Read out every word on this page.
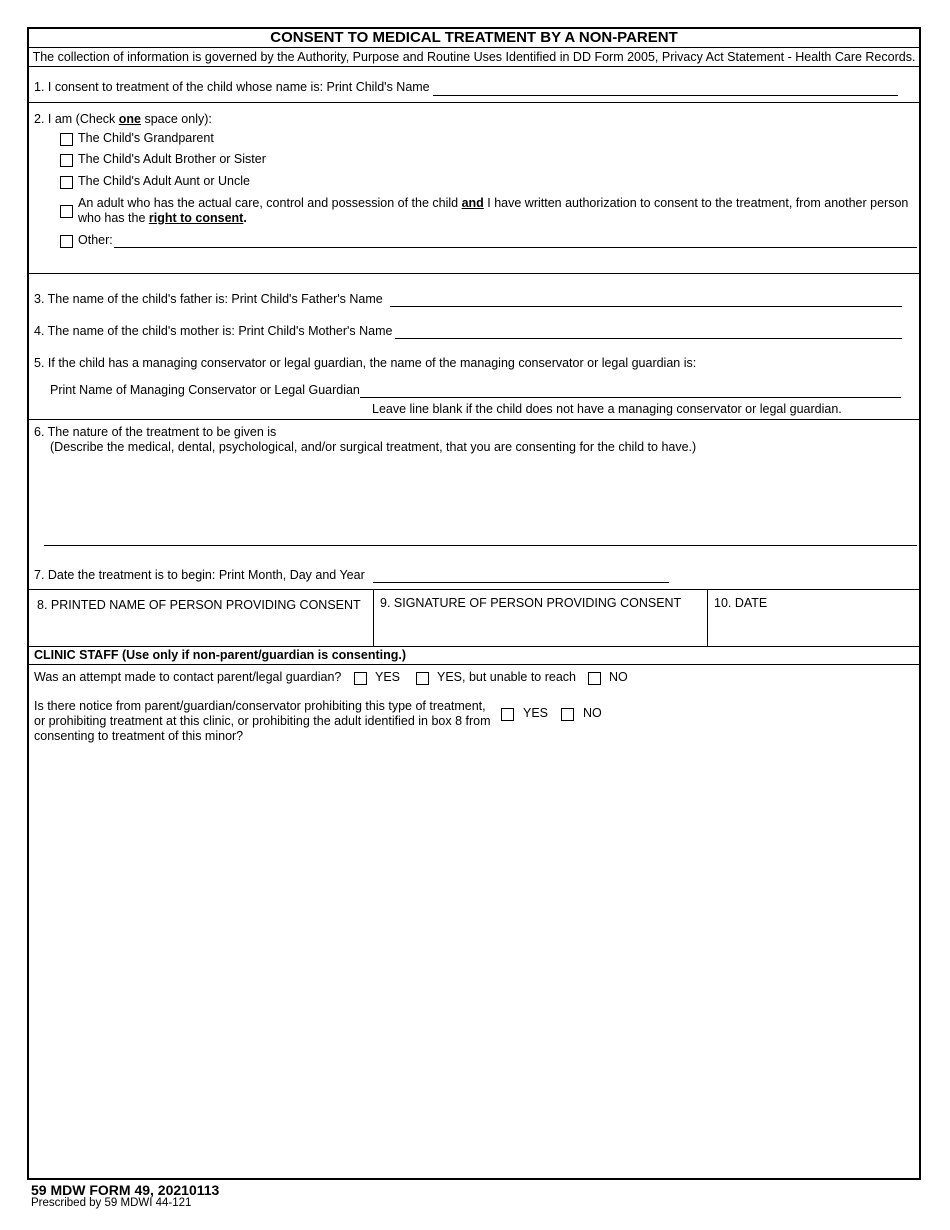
CONSENT TO MEDICAL TREATMENT BY A NON-PARENT
The collection of information is governed by the Authority, Purpose and Routine Uses Identified in DD Form 2005, Privacy Act Statement - Health Care Records.
1. I consent to treatment of the child whose name is: Print Child's Name
2. I am (Check one space only):
The Child's Grandparent
The Child's Adult Brother or Sister
The Child's Adult Aunt or Uncle
An adult who has the actual care, control and possession of the child and I have written authorization to consent to the treatment, from another person
who has the right to consent.
Other:
3. The name of the child's father is: Print Child's Father's Name
4. The name of the child's mother is: Print Child's Mother's Name
5. If the child has a managing conservator or legal guardian, the name of the managing conservator or legal guardian is:
Print Name of Managing Conservator or Legal Guardian
Leave line blank if the child does not have a managing conservator or legal guardian.
6. The nature of the treatment to be given is
(Describe the medical, dental, psychological, and/or surgical treatment, that you are consenting for the child to have.)
7. Date the treatment is to begin: Print Month, Day and Year
8. PRINTED NAME OF PERSON PROVIDING CONSENT 9. SIGNATURE OF PERSON PROVIDING CONSENT	10. DATE
CLINIC STAFF (Use only if non-parent/guardian is consenting.)
Was an attempt made to contact parent/legal guardian?	YES	YES, but unable to reach	NO
Is there notice from parent/guardian/conservator prohibiting this type of treatment,
or prohibiting treatment at this clinic, or prohibiting the adult identified in box 8 from
consenting to treatment of this minor?
YES	NO
59 MDW FORM 49, 20210113
Prescribed by 59 MDWI 44-121
